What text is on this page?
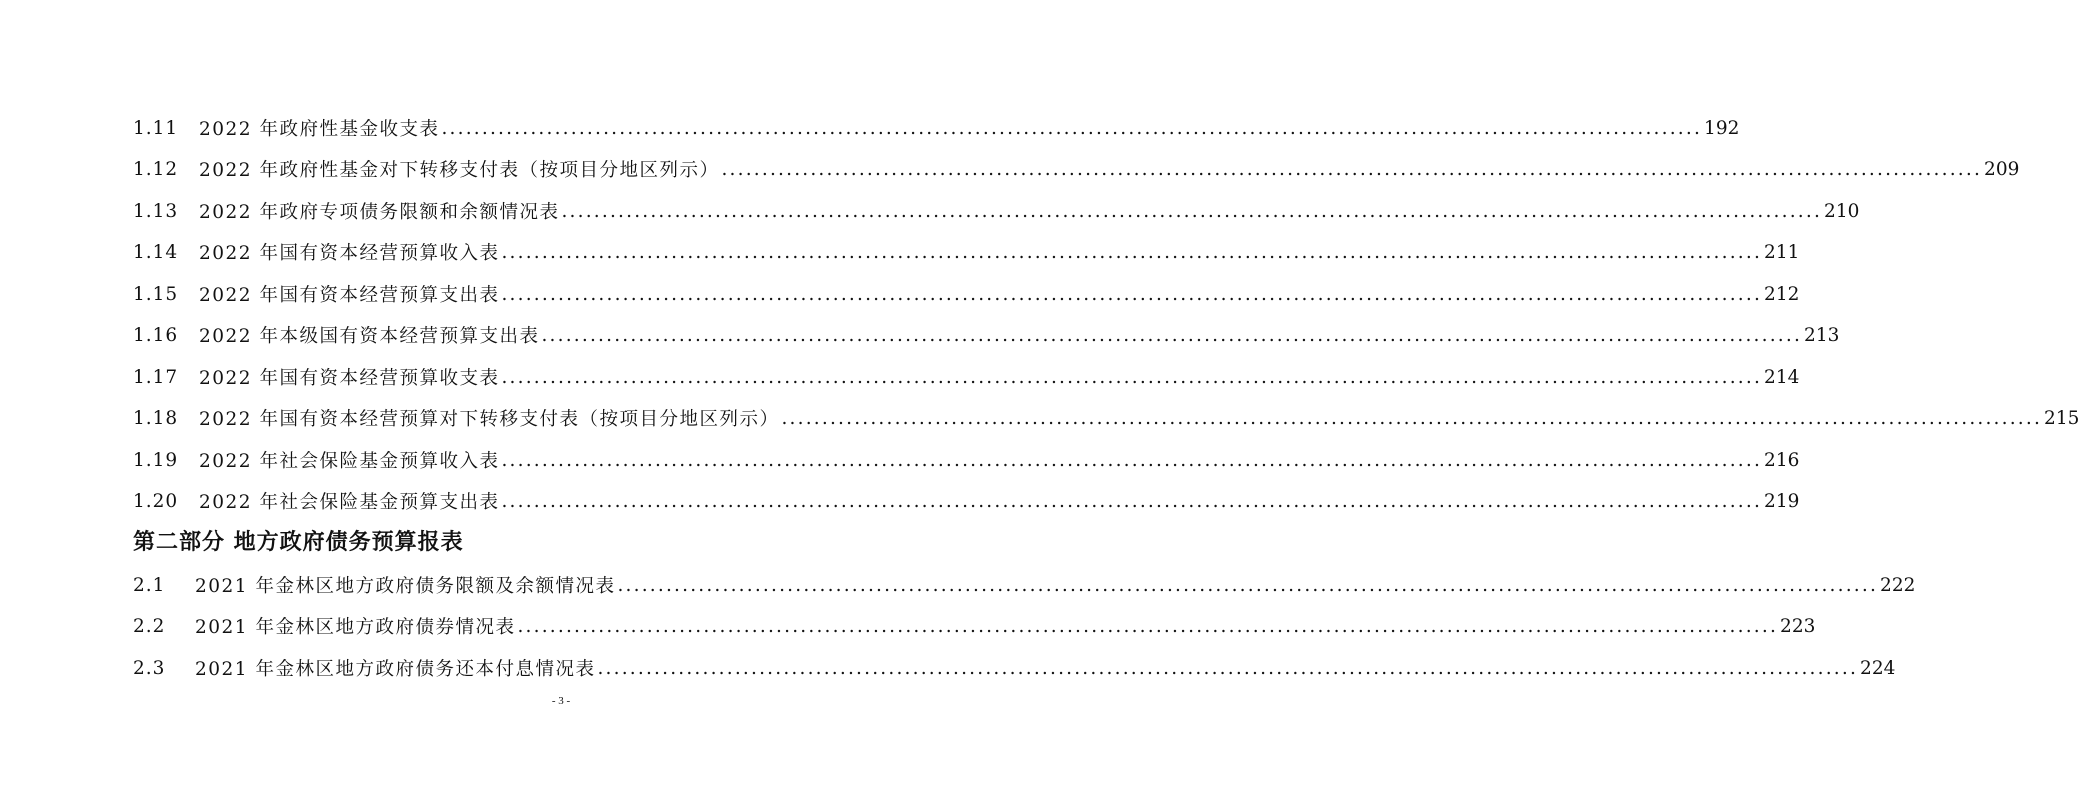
1.11	2022 年政府性基金收支表 ............................................................................................................................................................ 192
1.12	2022 年政府性基金对下转移支付表（按项目分地区列示） ............................................................................................................................................................ 209
1.13	2022 年政府专项债务限额和余额情况表 ............................................................................................................................................................ 210
1.14	2022 年国有资本经营预算收入表 ............................................................................................................................................................ 211
1.15	2022 年国有资本经营预算支出表 ............................................................................................................................................................ 212
1.16	2022 年本级国有资本经营预算支出表 ............................................................................................................................................................ 213
1.17	2022 年国有资本经营预算收支表 ............................................................................................................................................................ 214
1.18	2022 年国有资本经营预算对下转移支付表（按项目分地区列示） ............................................................................................................................................................ 215
1.19	2022 年社会保险基金预算收入表 ............................................................................................................................................................ 216
1.20	2022 年社会保险基金预算支出表 ............................................................................................................................................................ 219
第二部分 地方政府债务预算报表
2.1	2021 年金林区地方政府债务限额及余额情况表 ............................................................................................................................................................ 222
2.2	2021 年金林区地方政府债券情况表 ............................................................................................................................................................ 223
2.3	2021 年金林区地方政府债务还本付息情况表 ............................................................................................................................................................ 224
- 3 -
